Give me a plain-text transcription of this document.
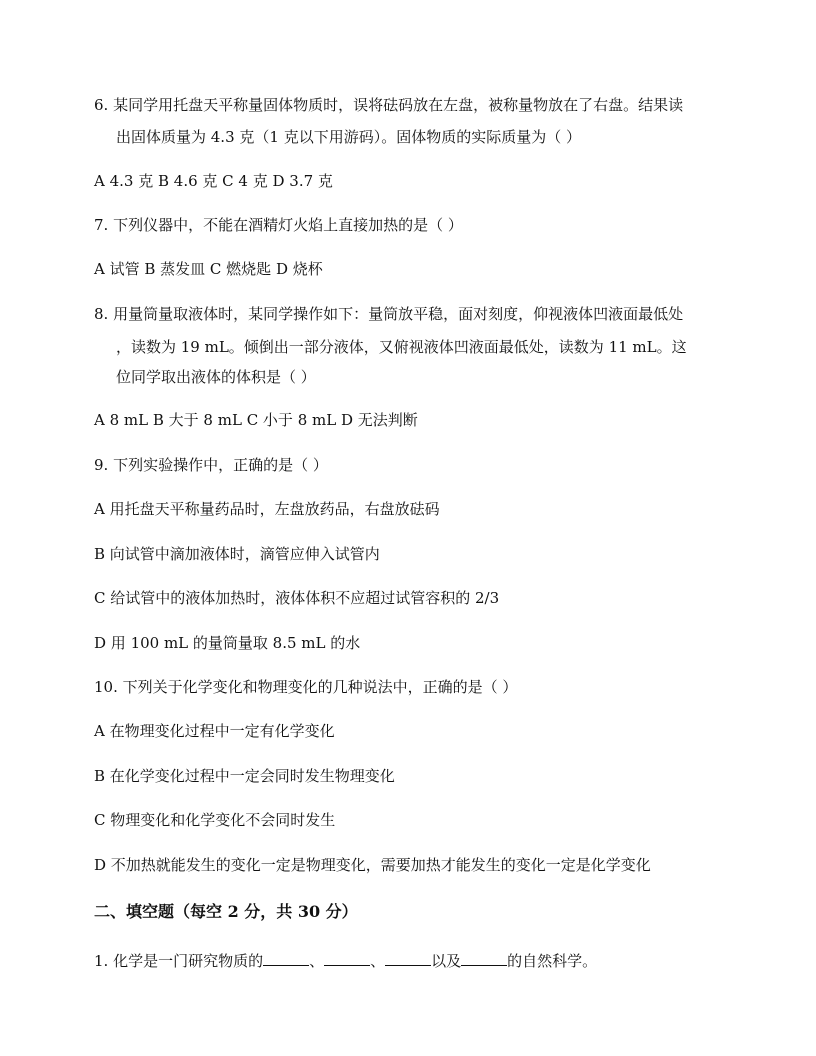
6. 某同学用托盘天平称量固体物质时，误将砝码放在左盘，被称量物放在了右盘。结果读
出固体质量为 4.3 克（1 克以下用游码）。固体物质的实际质量为（ ）
A 4.3 克 B 4.6 克 C 4 克 D 3.7 克
7. 下列仪器中，不能在酒精灯火焰上直接加热的是（ ）
A 试管 B 蒸发皿 C 燃烧匙 D 烧杯
8. 用量筒量取液体时，某同学操作如下：量筒放平稳，面对刻度，仰视液体凹液面最低处
，读数为 19 mL。倾倒出一部分液体，又俯视液体凹液面最低处，读数为 11 mL。这
位同学取出液体的体积是（ ）
A 8 mL B 大于 8 mL C 小于 8 mL D 无法判断
9. 下列实验操作中，正确的是（ ）
A 用托盘天平称量药品时，左盘放药品，右盘放砝码
B 向试管中滴加液体时，滴管应伸入试管内
C 给试管中的液体加热时，液体体积不应超过试管容积的 2/3
D 用 100 mL 的量筒量取 8.5 mL 的水
10. 下列关于化学变化和物理变化的几种说法中，正确的是（ ）
A 在物理变化过程中一定有化学变化
B 在化学变化过程中一定会同时发生物理变化
C 物理变化和化学变化不会同时发生
D 不加热就能发生的变化一定是物理变化，需要加热才能发生的变化一定是化学变化
二、填空题（每空 2 分，共 30 分）
1. 化学是一门研究物质的	、	、	以及	的自然科学。
